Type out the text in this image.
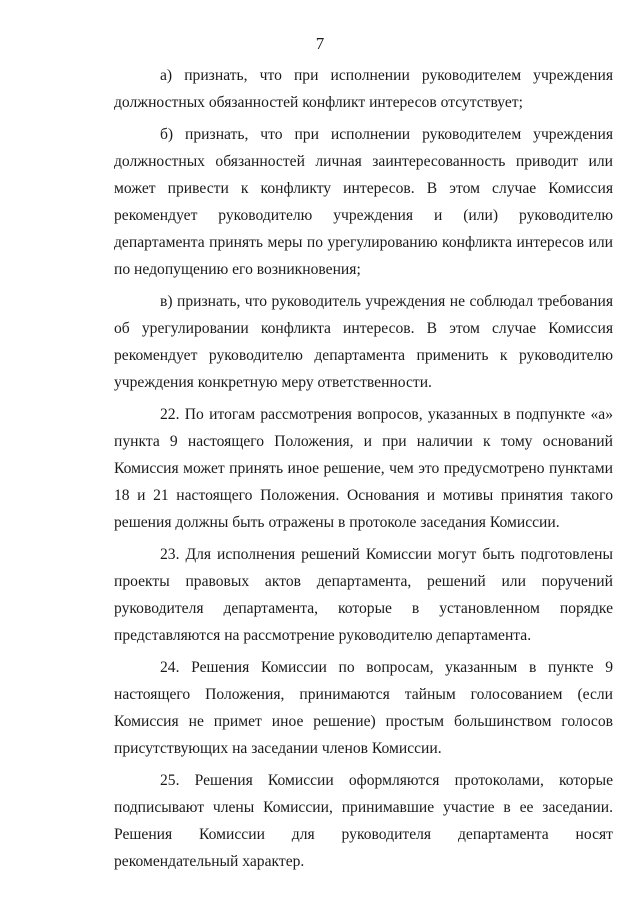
7

а) признать, что при исполнении руководителем учреждения должностных обязанностей конфликт интересов отсутствует;

б) признать, что при исполнении руководителем учреждения должностных обязанностей личная заинтересованность приводит или может привести к конфликту интересов. В этом случае Комиссия рекомендует руководителю учреждения и (или) руководителю департамента принять меры по урегулированию конфликта интересов или по недопущению его возникновения;

в) признать, что руководитель учреждения не соблюдал требования об урегулировании конфликта интересов. В этом случае Комиссия рекомендует руководителю департамента применить к руководителю учреждения конкретную меру ответственности.

22. По итогам рассмотрения вопросов, указанных в подпункте «а» пункта 9 настоящего Положения, и при наличии к тому оснований Комиссия может принять иное решение, чем это предусмотрено пунктами 18 и 21 настоящего Положения. Основания и мотивы принятия такого решения должны быть отражены в протоколе заседания Комиссии.

23. Для исполнения решений Комиссии могут быть подготовлены проекты правовых актов департамента, решений или поручений руководителя департамента, которые в установленном порядке представляются на рассмотрение руководителю департамента.

24. Решения Комиссии по вопросам, указанным в пункте 9 настоящего Положения, принимаются тайным голосованием (если Комиссия не примет иное решение) простым большинством голосов присутствующих на заседании членов Комиссии.

25. Решения Комиссии оформляются протоколами, которые подписывают члены Комиссии, принимавшие участие в ее заседании. Решения Комиссии для руководителя департамента носят рекомендательный характер.
